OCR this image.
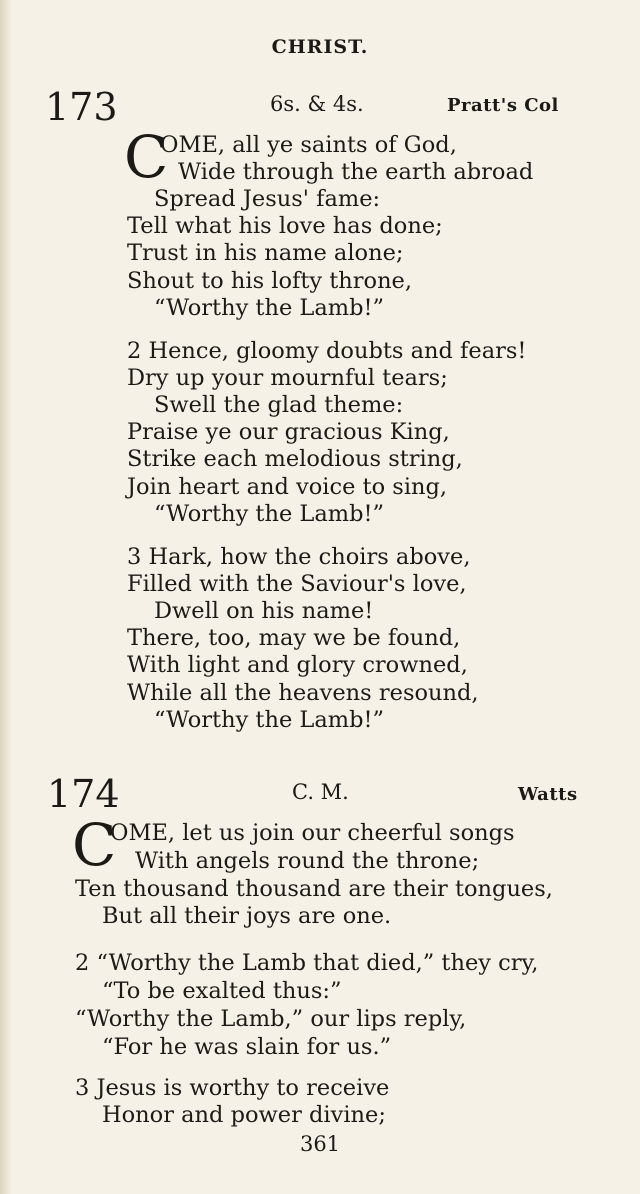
CHRIST.
173	6s. & 4s.	Pratt's Col
C
OME, all ye saints of God,
Wide through the earth abroad
Spread Jesus' fame:
Tell what his love has done;
Trust in his name alone;
Shout to his lofty throne,
“Worthy the Lamb!”
2 Hence, gloomy doubts and fears!
Dry up your mournful tears;
Swell the glad theme:
Praise ye our gracious King,
Strike each melodious string,
Join heart and voice to sing,
“Worthy the Lamb!”
3 Hark, how the choirs above,
Filled with the Saviour's love,
Dwell on his name!
There, too, may we be found,
With light and glory crowned,
While all the heavens resound,
“Worthy the Lamb!”
174	C. M.	Watts
C
OME, let us join our cheerful songs
With angels round the throne;
Ten thousand thousand are their tongues,
But all their joys are one.
2 “Worthy the Lamb that died,” they cry,
“To be exalted thus:”
“Worthy the Lamb,” our lips reply,
“For he was slain for us.”
3 Jesus is worthy to receive
Honor and power divine;
361
